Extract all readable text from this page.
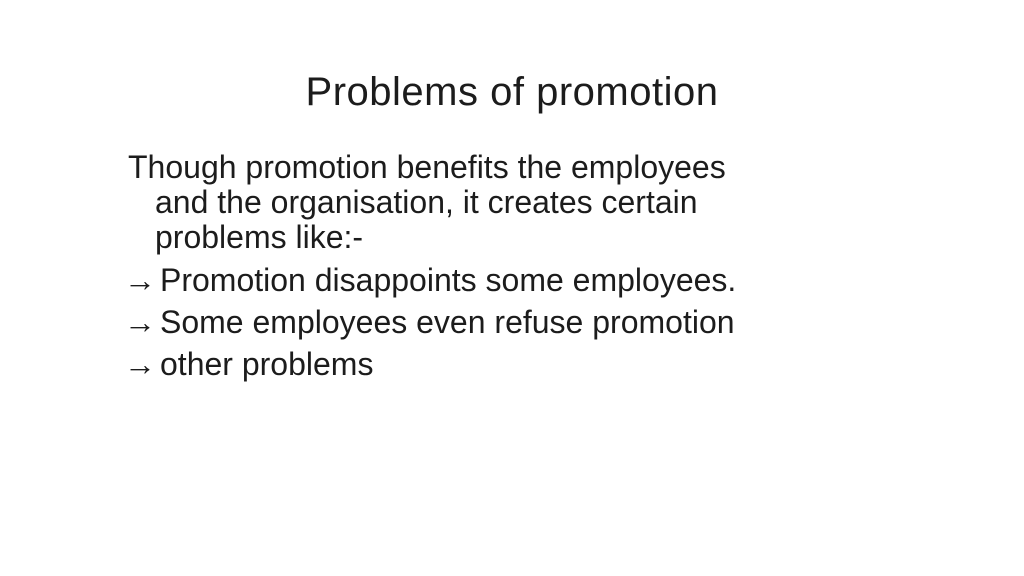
Problems of promotion
Though promotion benefits the employees
and the organisation, it creates certain
problems like:-
→ Promotion disappoints some employees.
→ Some employees even refuse promotion
→ other problems
